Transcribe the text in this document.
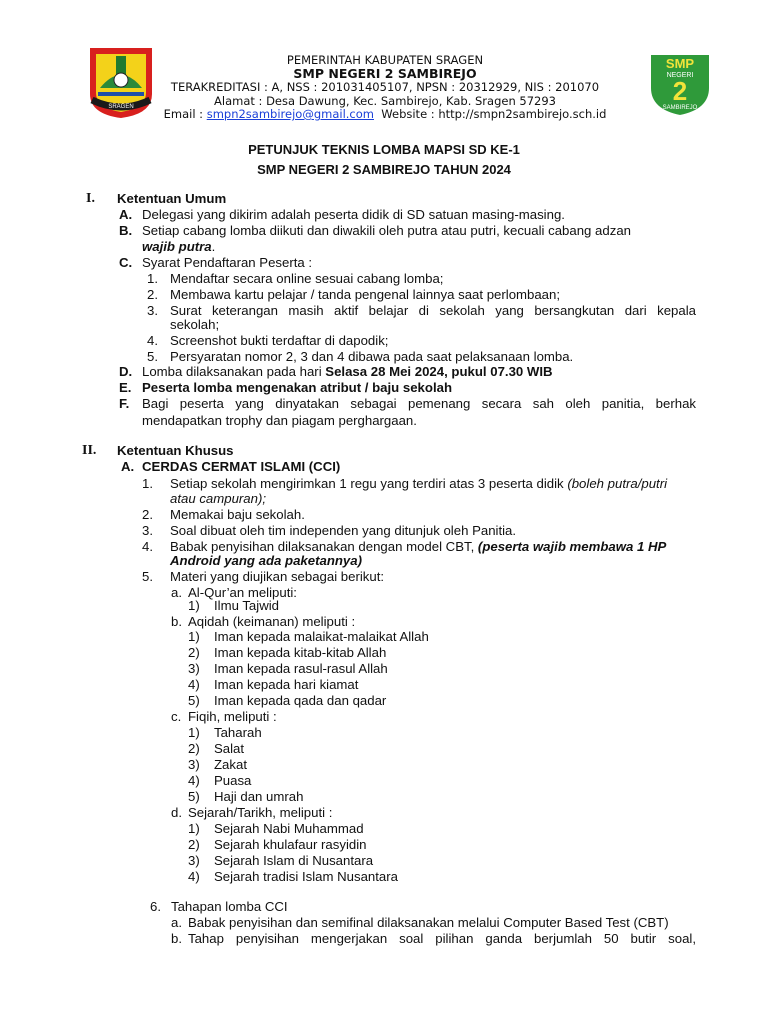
SRAGEN
SMP
NEGERI
2
SAMBIREJO
PEMERINTAH KABUPATEN SRAGEN
SMP NEGERI 2 SAMBIREJO
TERAKREDITASI : A, NSS : 201031405107, NPSN : 20312929, NIS : 201070
Alamat : Desa Dawung, Kec. Sambirejo, Kab. Sragen 57293
Email : smpn2sambirejo@gmail.com Website : http://smpn2sambirejo.sch.id
PETUNJUK TEKNIS LOMBA MAPSI SD KE-1
SMP NEGERI 2 SAMBIREJO TAHUN 2024
I. Ketentuan Umum
A. Delegasi yang dikirim adalah peserta didik di SD satuan masing-masing.
B. Setiap cabang lomba diikuti dan diwakili oleh putra atau putri, kecuali cabang adzan
wajib putra.
C. Syarat Pendaftaran Peserta :
1. Mendaftar secara online sesuai cabang lomba;
2. Membawa kartu pelajar / tanda pengenal lainnya saat perlombaan;
3. Surat keterangan masih aktif belajar di sekolah yang bersangkutan dari kepala
sekolah;
4. Screenshot bukti terdaftar di dapodik;
5. Persyaratan nomor 2, 3 dan 4 dibawa pada saat pelaksanaan lomba.
D. Lomba dilaksanakan pada hari Selasa 28 Mei 2024, pukul 07.30 WIB
E. Peserta lomba mengenakan atribut / baju sekolah
F. Bagi peserta yang dinyatakan sebagai pemenang secara sah oleh panitia, berhak
mendapatkan trophy dan piagam perghargaan.
II. Ketentuan Khusus
A. CERDAS CERMAT ISLAMI (CCI)
1. Setiap sekolah mengirimkan 1 regu yang terdiri atas 3 peserta didik (boleh putra/putri
atau campuran);
2. Memakai baju sekolah.
3. Soal dibuat oleh tim independen yang ditunjuk oleh Panitia.
4. Babak penyisihan dilaksanakan dengan model CBT, (peserta wajib membawa 1 HP
Android yang ada paketannya)
5. Materi yang diujikan sebagai berikut:
a. Al-Qur’an meliputi:
1) Ilmu Tajwid
b. Aqidah (keimanan) meliputi :
1) Iman kepada malaikat-malaikat Allah
2) Iman kepada kitab-kitab Allah
3) Iman kepada rasul-rasul Allah
4) Iman kepada hari kiamat
5) Iman kepada qada dan qadar
c. Fiqih, meliputi :
1) Taharah
2) Salat
3) Zakat
4) Puasa
5) Haji dan umrah
d. Sejarah/Tarikh, meliputi :
1) Sejarah Nabi Muhammad
2) Sejarah khulafaur rasyidin
3) Sejarah Islam di Nusantara
4) Sejarah tradisi Islam Nusantara
6. Tahapan lomba CCI
a. Babak penyisihan dan semifinal dilaksanakan melalui Computer Based Test (CBT)
b. Tahap penyisihan mengerjakan soal pilihan ganda berjumlah 50 butir soal,
